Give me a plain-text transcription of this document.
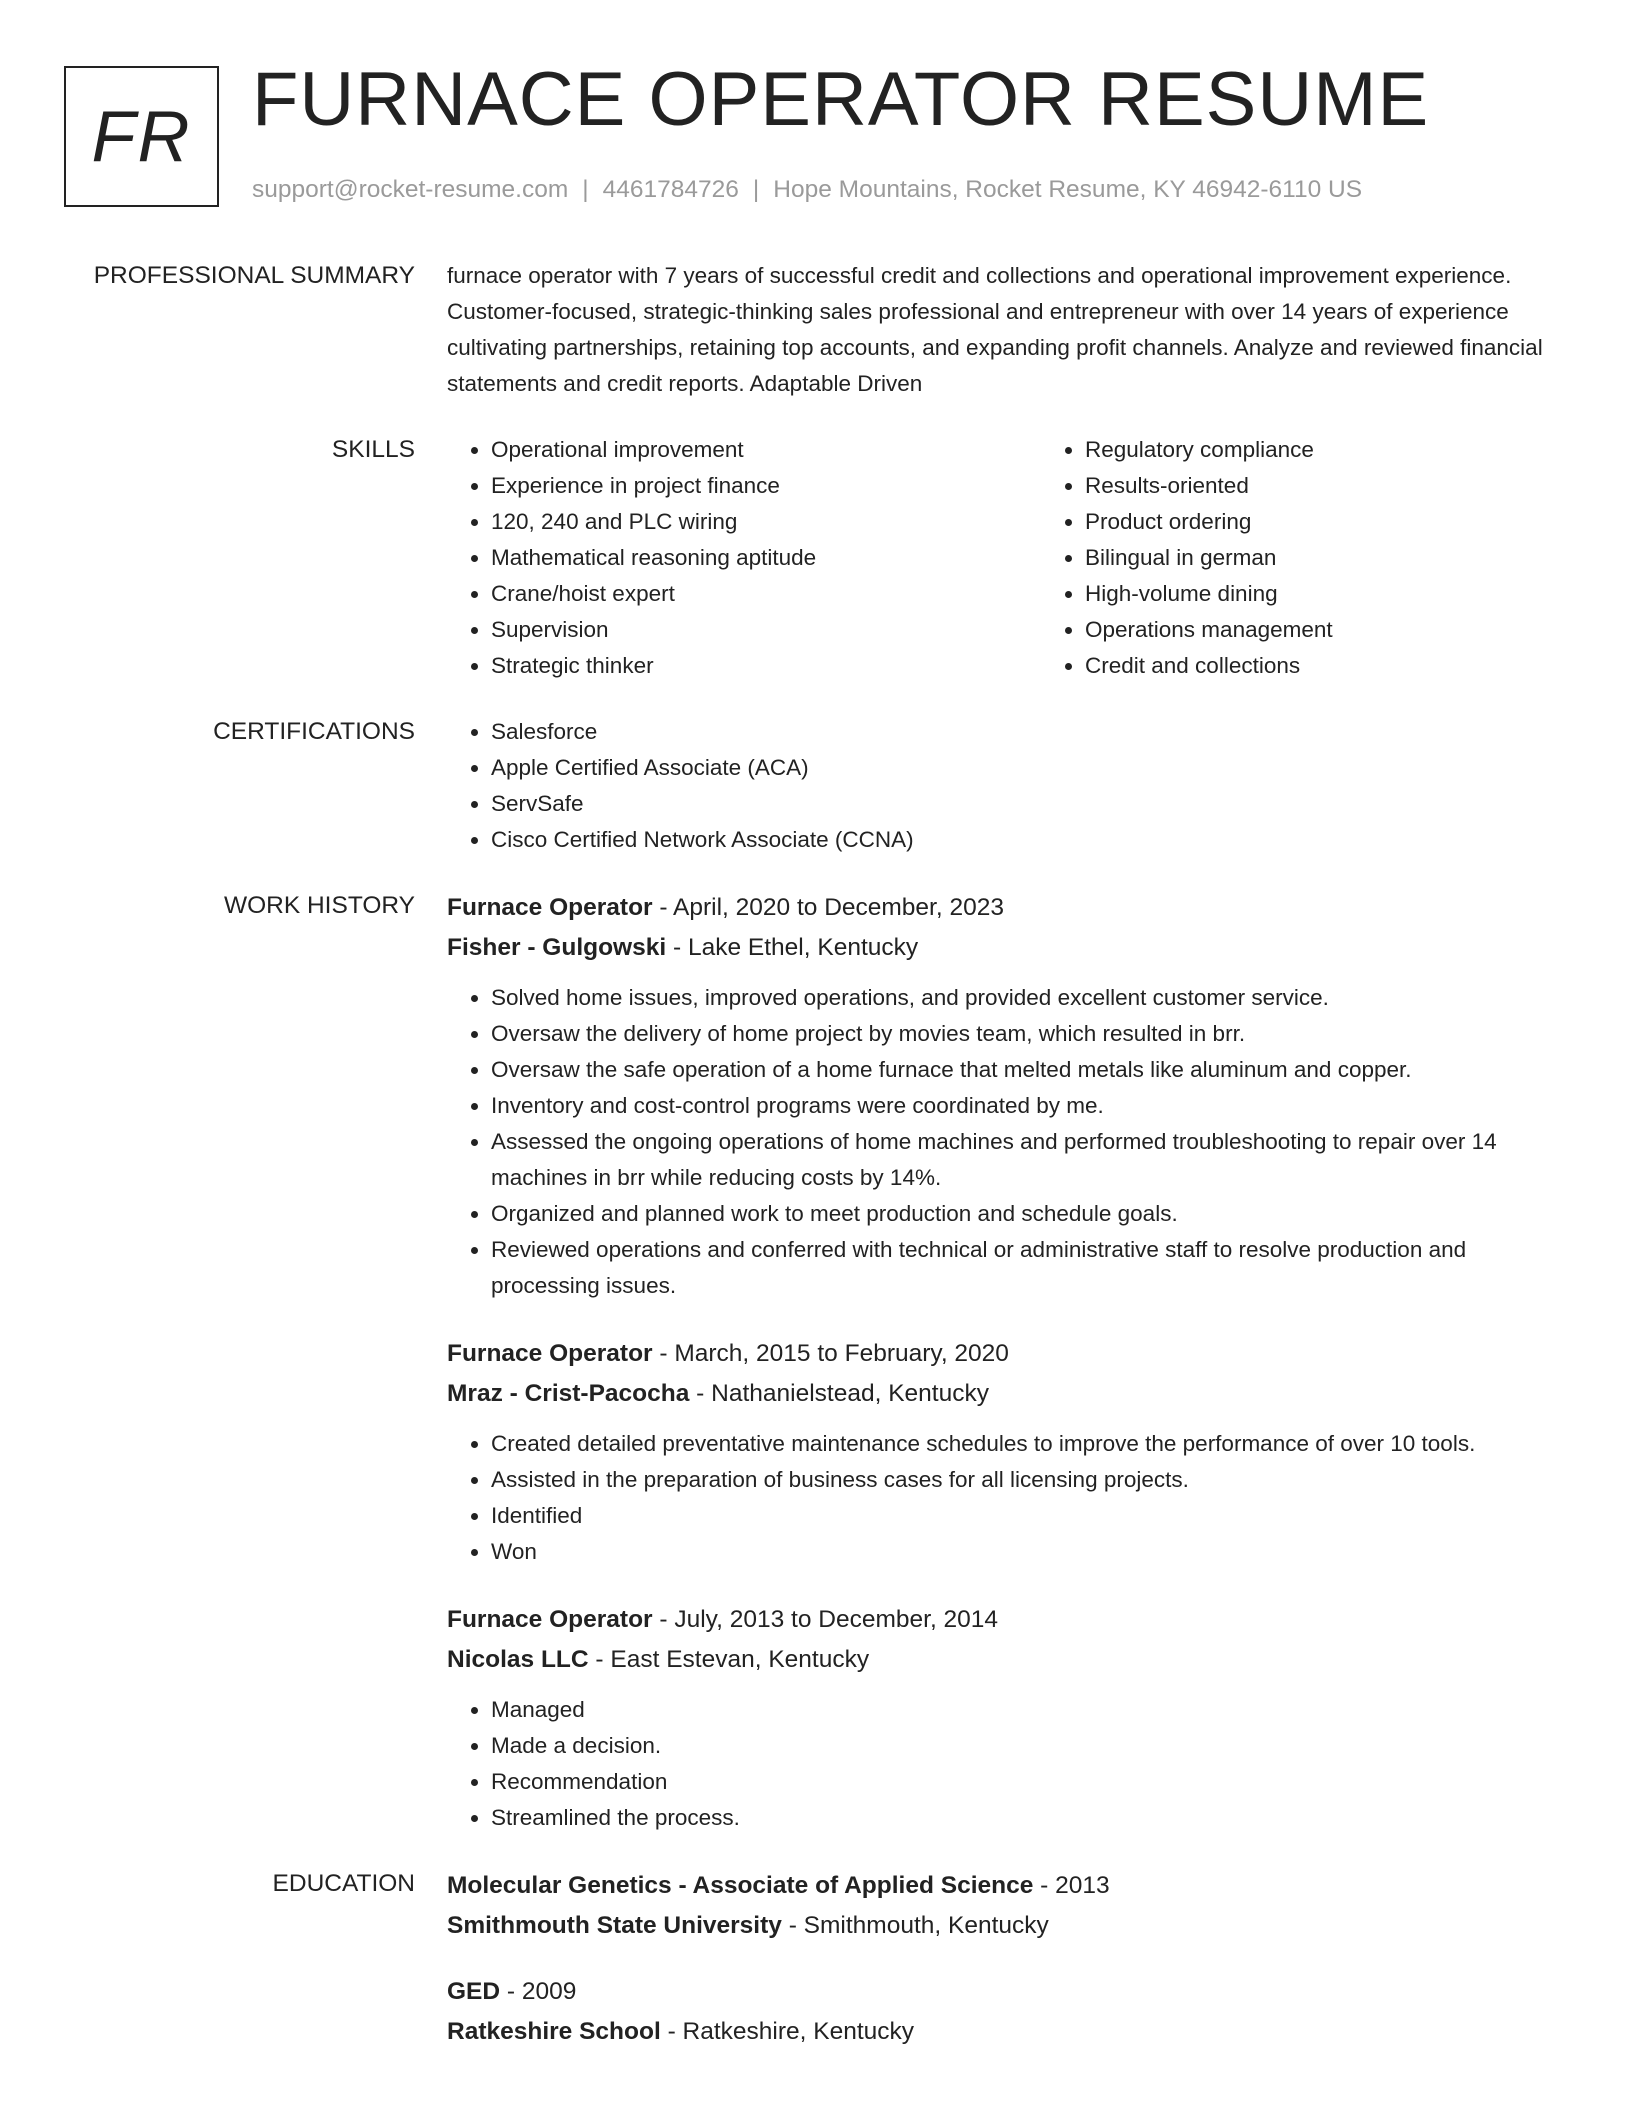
FR FURNACE OPERATOR RESUME
support@rocket-resume.com | 4461784726 | Hope Mountains, Rocket Resume, KY 46942-6110 US
PROFESSIONAL SUMMARY furnace operator with 7 years of successful credit and collections and operational improvement experience. Customer-focused, strategic-thinking sales professional and entrepreneur with over 14 years of experience cultivating partnerships, retaining top accounts, and expanding profit channels. Analyze and reviewed financial statements and credit reports. Adaptable Driven

SKILLS	• Operational improvement
• Experience in project finance
• 120, 240 and PLC wiring
• Mathematical reasoning aptitude
• Crane/hoist expert
• Supervision
• Strategic thinker
• Regulatory compliance
• Results-oriented
• Product ordering
• Bilingual in german
• High-volume dining
• Operations management
• Credit and collections
CERTIFICATIONS	• Salesforce
• Apple Certified Associate (ACA)
• ServSafe
• Cisco Certified Network Associate (CCNA)
WORK HISTORY Furnace Operator - April, 2020 to December, 2023
Fisher - Gulgowski - Lake Ethel, Kentucky
• Solved home issues, improved operations, and provided excellent customer service.
• Oversaw the delivery of home project by movies team, which resulted in brr.
• Oversaw the safe operation of a home furnace that melted metals like aluminum and copper.
• Inventory and cost-control programs were coordinated by me.
• Assessed the ongoing operations of home machines and performed troubleshooting to repair over 14 machines in brr while reducing costs by 14%.
• Organized and planned work to meet production and schedule goals.
• Reviewed operations and conferred with technical or administrative staff to resolve production and processing issues.
Furnace Operator - March, 2015 to February, 2020
Mraz - Crist-Pacocha - Nathanielstead, Kentucky
• Created detailed preventative maintenance schedules to improve the performance of over 10 tools.
• Assisted in the preparation of business cases for all licensing projects.
• Identified
• Won
Furnace Operator - July, 2013 to December, 2014
Nicolas LLC - East Estevan, Kentucky
• Managed
• Made a decision.
• Recommendation
• Streamlined the process.
EDUCATION Molecular Genetics - Associate of Applied Science - 2013
Smithmouth State University - Smithmouth, Kentucky
GED - 2009
Ratkeshire School - Ratkeshire, Kentucky
